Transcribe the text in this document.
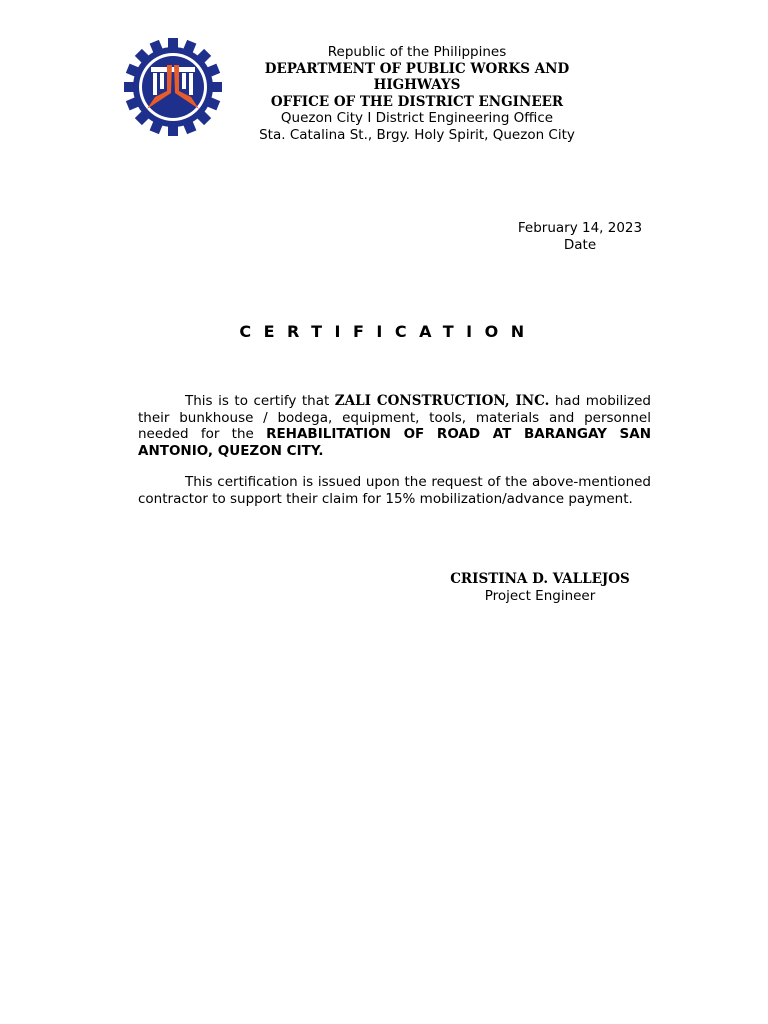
Republic of the Philippines
DEPARTMENT OF PUBLIC WORKS AND HIGHWAYS
OFFICE OF THE DISTRICT ENGINEER
Quezon City I District Engineering Office
Sta. Catalina St., Brgy. Holy Spirit, Quezon City
February 14, 2023
Date
CERTIFICATION
This is to certify that ZALI CONSTRUCTION, INC. had mobilized their bunkhouse / bodega, equipment, tools, materials and personnel needed for the REHABILITATION OF ROAD AT BARANGAY SAN ANTONIO, QUEZON CITY.
This certification is issued upon the request of the above-mentioned contractor to support their claim for 15% mobilization/advance payment.
CRISTINA D. VALLEJOS
Project Engineer
